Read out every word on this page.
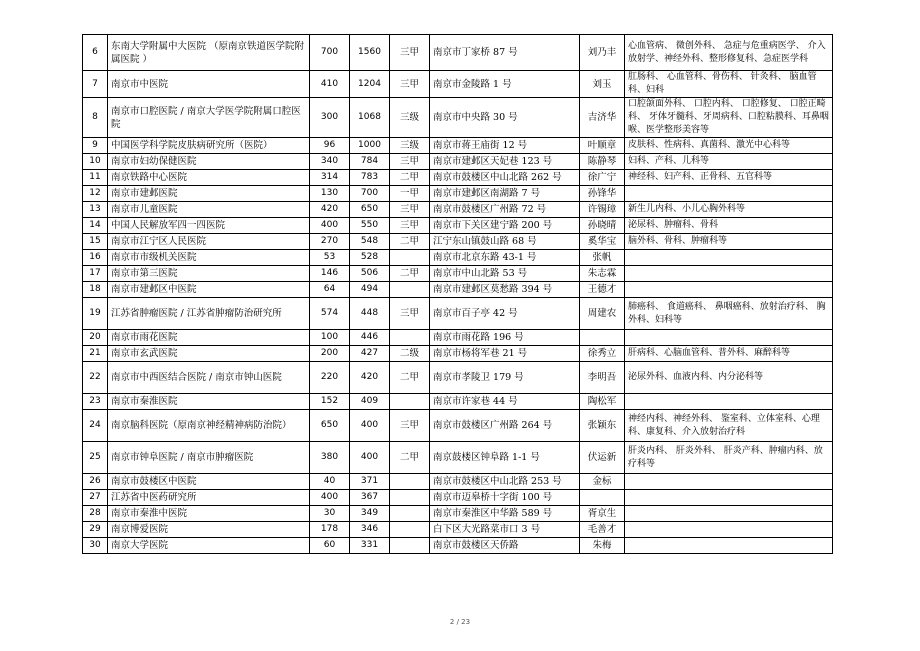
6	东南大学附属中大医院 （原南京铁道医学院附属医院 ）	700	1560	三甲	南京市丁家桥 87 号	刘乃丰	心血管病、 微创外科、 急症与危重病医学、 介入放射学、神经外科、整形修复科、急症医学科
7	南京市中医院	410	1204	三甲	南京市金陵路 1 号	刘玉	肛肠科、 心血管科、骨伤科、 针灸科、 脑血管科、妇科
8	南京市口腔医院 / 南京大学医学院附属口腔医院	300	1068	三级	南京市中央路 30 号	吉济华	口腔颌面外科、 口腔内科、 口腔修复、 口腔正畸科、 牙体牙髓科、牙周病科、口腔粘膜科、耳鼻咽喉、医学整形美容等
9	中国医学科学院皮肤病研究所（医院）	96	1000	三级	南京市蒋王庙街 12 号	叶顺章	皮肤科、性病科、真菌科、激光中心科等
10	南京市妇幼保健医院	340	784	三甲	南京市建邺区天妃巷 123 号	陈静琴	妇科、产科、儿科等
11	南京铁路中心医院	314	783	二甲	南京市鼓楼区中山北路 262 号	徐广宁	神经科、妇产科、正骨科、五官科等
12	南京市建邺医院	130	700	一甲	南京市建邺区南湖路 7 号	孙锋华	
13	南京市儿童医院	420	650	三甲	南京市鼓楼区广州路 72 号	许锡璋	新生儿内科、小儿心胸外科等
14	中国人民解放军四一四医院	400	550	三甲	南京市下关区建宁路 200 号	孙晓晴	泌尿科、肿瘤科、骨科
15	南京市江宁区人民医院	270	548	二甲	江宁东山镇鼓山路 68 号	奚华宝	脑外科、骨科、肿瘤科等
16	南京市市级机关医院	53	528		南京市北京东路 43-1 号	张帆	
17	南京市第三医院	146	506	二甲	南京市中山北路 53 号	朱志霖	
18	南京市建邺区中医院	64	494		南京市建邺区莫愁路 394 号	王德才	
19	江苏省肿瘤医院 / 江苏省肿瘤防治研究所	574	448	三甲	南京市百子亭 42 号	周建农	肺癌科、 食道癌科、 鼻咽癌科、放射治疗科、 胸外科、妇科等
20	南京市雨花医院	100	446		南京市雨花路 196 号		
21	南京市玄武医院	200	427	二级	南京市杨将军巷 21 号	徐秀立	肝病科、心脑血管科、普外科、麻醉科等
22	南京市中西医结合医院 / 南京市钟山医院	220	420	二甲	南京市孝陵卫 179 号	李明吾	泌尿外科、血液内科、内分泌科等
23	南京市秦淮医院	152	409		南京市许家巷 44 号	陶松军	
24	南京脑科医院（原南京神经精神病防治院）	650	400	三甲	南京市鼓楼区广州路 264 号	张颖东	神经内科、神经外科、 鉴室科、立体室科、心理科、康复科、介入放射治疗科
25	南京市钟阜医院 / 南京市肿瘤医院	380	400	二甲	南京鼓楼区钟阜路 1-1 号	伏运新	肝炎内科、 肝炎外科、 肝炎产科、肿瘤内科、放疗科等
26	南京市鼓楼区中医院	40	371		南京市鼓楼区中山北路 253 号	金标	
27	江苏省中医药研究所	400	367		南京市迈皋桥十字街 100 号		
28	南京市秦淮中医院	30	349		南京市秦淮区中华路 589 号	胥京生	
29	南京博爱医院	178	346		白下区大光路菜市口 3 号	毛善才	
30	南京大学医院	60	331		南京市鼓楼区天侨路	朱梅	
2 / 23
